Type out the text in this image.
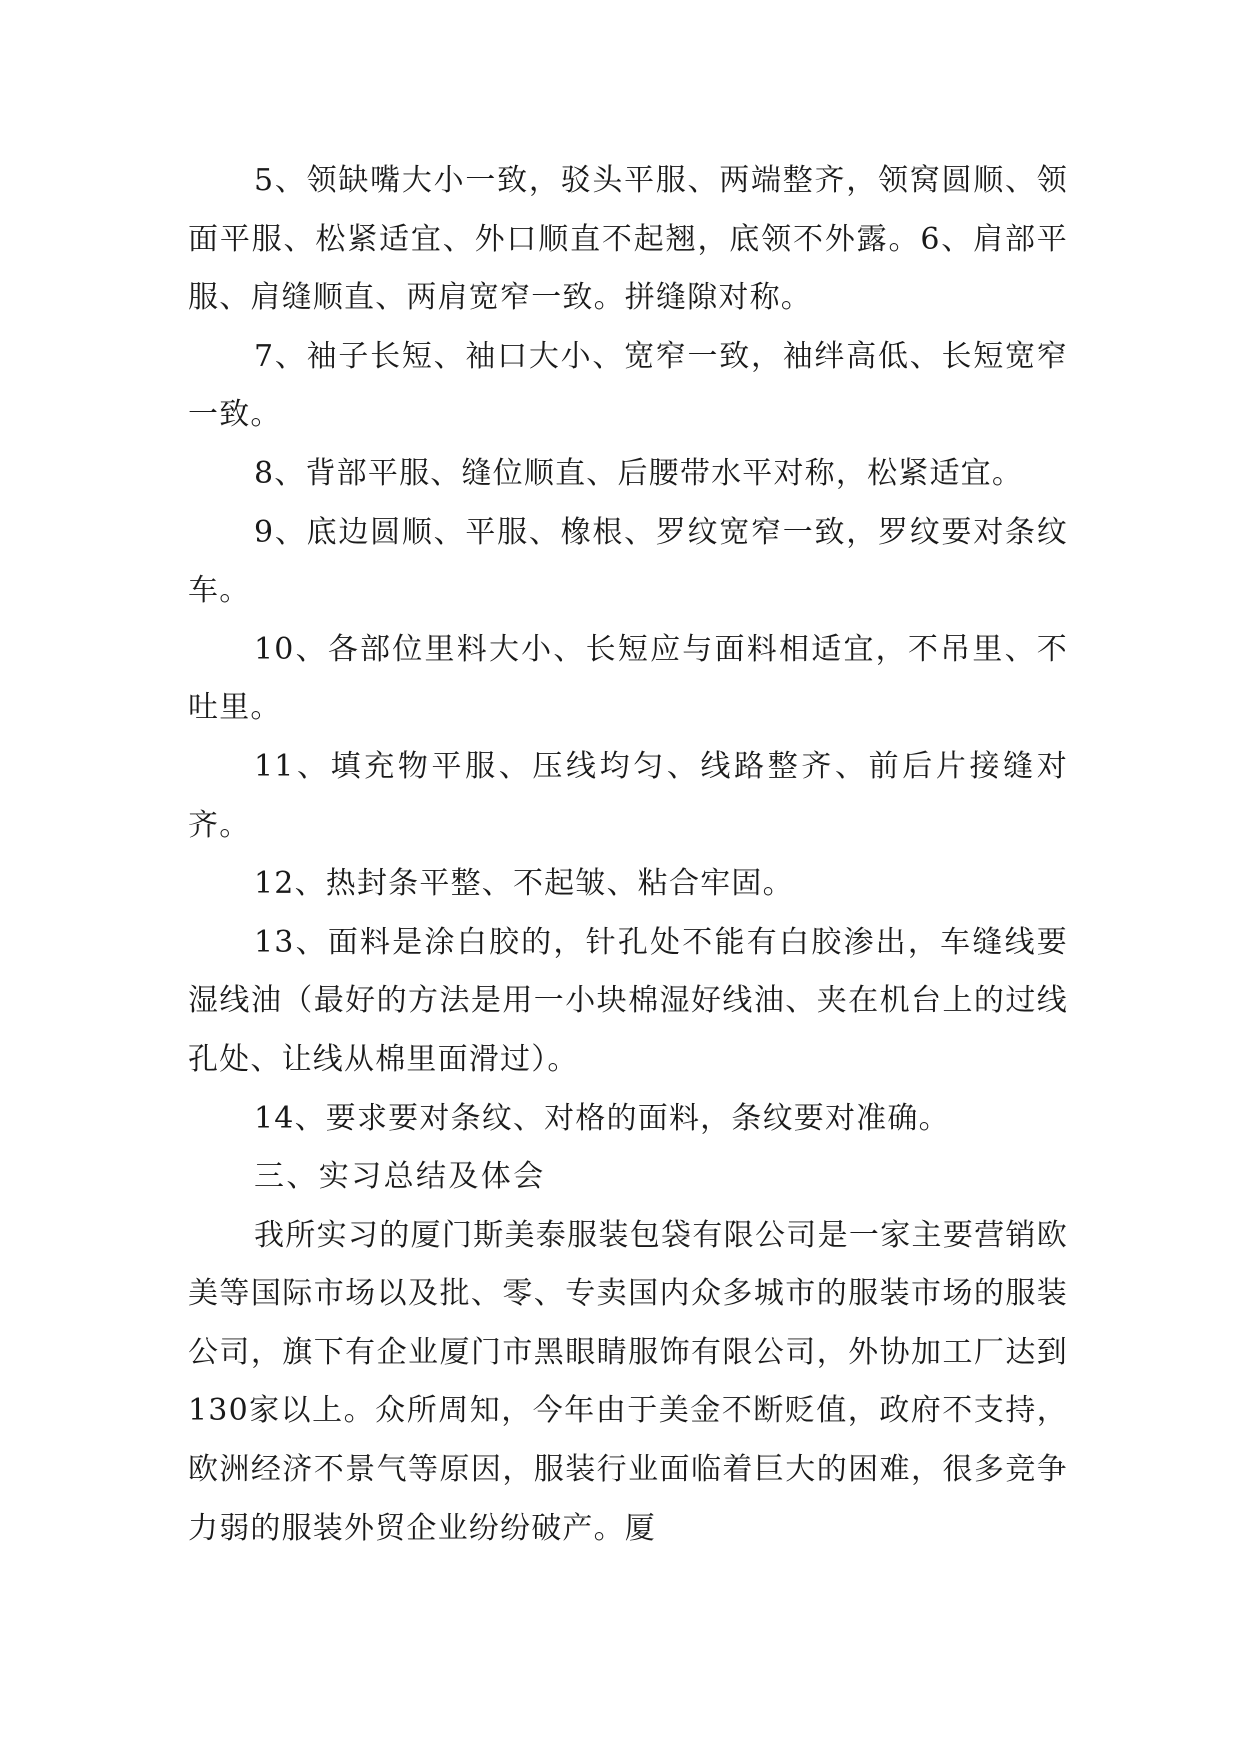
5、领缺嘴大小一致，驳头平服、两端整齐，领窝圆顺、领面平服、松紧适宜、外口顺直不起翘，底领不外露。6、肩部平服、肩缝顺直、两肩宽窄一致。拼缝隙对称。

7、袖子长短、袖口大小、宽窄一致，袖绊高低、长短宽窄一致。

8、背部平服、缝位顺直、后腰带水平对称，松紧适宜。

9、底边圆顺、平服、橡根、罗纹宽窄一致，罗纹要对条纹车。

10、各部位里料大小、长短应与面料相适宜，不吊里、不吐里。

11、填充物平服、压线均匀、线路整齐、前后片接缝对齐。

12、热封条平整、不起皱、粘合牢固。

13、面料是涂白胶的，针孔处不能有白胶渗出，车缝线要湿线油（最好的方法是用一小块棉湿好线油、夹在机台上的过线孔处、让线从棉里面滑过）。

14、要求要对条纹、对格的面料，条纹要对准确。

三、实习总结及体会

我所实习的厦门斯美泰服装包袋有限公司是一家主要营销欧美等国际市场以及批、零、专卖国内众多城市的服装市场的服装公司，旗下有企业厦门市黑眼睛服饰有限公司，外协加工厂达到130家以上。众所周知，今年由于美金不断贬值，政府不支持，欧洲经济不景气等原因，服装行业面临着巨大的困难，很多竞争力弱的服装外贸企业纷纷破产。厦
